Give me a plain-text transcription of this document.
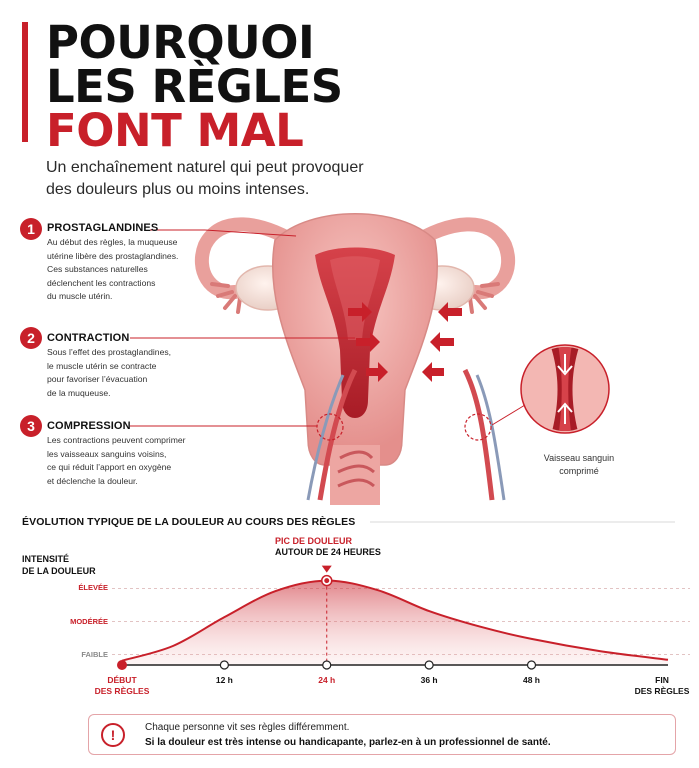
POURQUOI
LES RÈGLES
FONT MAL
Un enchaînement naturel qui peut provoquer des douleurs plus ou moins intenses.
Vaisseau sanguin
comprimé
1	PROSTAGLANDINES
Au début des règles, la muqueuse
utérine libère des prostaglandines.
Ces substances naturelles
déclenchent les contractions
du muscle utérin.
2	CONTRACTION
Sous l’effet des prostaglandines,
le muscle utérin se contracte
pour favoriser l’évacuation
de la muqueuse.
3	COMPRESSION
Les contractions peuvent comprimer
les vaisseaux sanguins voisins,
ce qui réduit l’apport en oxygène
et déclenche la douleur.
ÉVOLUTION TYPIQUE DE LA DOULEUR AU COURS DES RÈGLES
INTENSITÉ
DE LA DOULEUR
PIC DE DOULEUR
AUTOUR DE 24 HEURES
FAIBLE
MODÉRÉE
ÉLEVÉE
DÉBUT
DES RÈGLES
12 h	24 h	36 h	48 h	FIN
DES RÈGLES
!	Chaque personne vit ses règles différemment.
Si la douleur est très intense ou handicapante, parlez-en à un professionnel de santé.
